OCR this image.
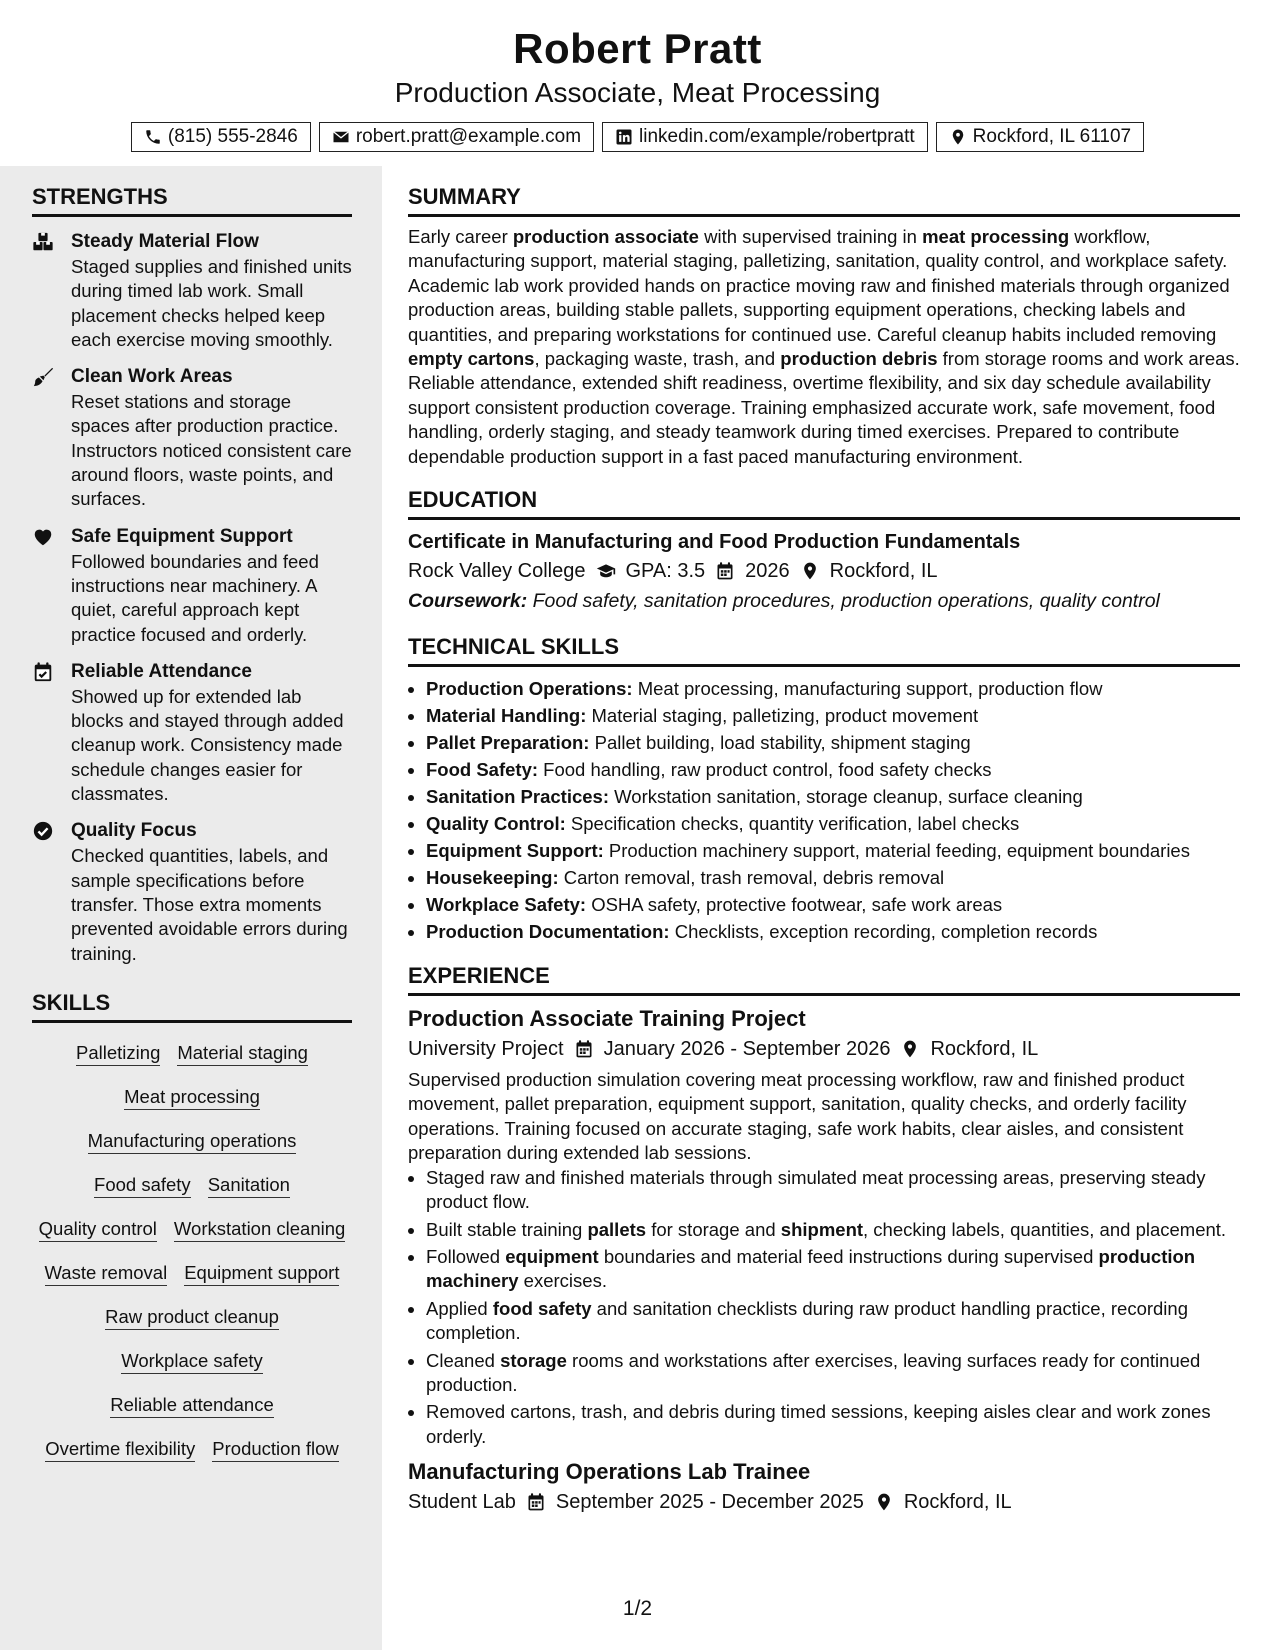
Robert Pratt
Production Associate, Meat Processing
(815) 555-2846	robert.pratt@example.com	linkedin.com/example/robertpratt	Rockford, IL 61107
STRENGTHS
Steady Material Flow
Staged supplies and finished units during timed lab work. Small placement checks helped keep each exercise moving smoothly.
Clean Work Areas
Reset stations and storage spaces after production practice. Instructors noticed consistent care around floors, waste points, and surfaces.
Safe Equipment Support
Followed boundaries and feed instructions near machinery. A quiet, careful approach kept practice focused and orderly.
Reliable Attendance
Showed up for extended lab blocks and stayed through added cleanup work. Consistency made schedule changes easier for classmates.
Quality Focus
Checked quantities, labels, and sample specifications before transfer. Those extra moments prevented avoidable errors during training.
SKILLS
Palletizing Material staging
Meat processing
Manufacturing operations
Food safety Sanitation
Quality control Workstation cleaning
Waste removal Equipment support
Raw product cleanup
Workplace safety
Reliable attendance
Overtime flexibility Production flow
SUMMARY

Early career production associate with supervised training in meat processing workflow, manufacturing support, material staging, palletizing, sanitation, quality control, and workplace safety. Academic lab work provided hands on practice moving raw and finished materials through organized production areas, building stable pallets, supporting equipment operations, checking labels and quantities, and preparing workstations for continued use. Careful cleanup habits included removing empty cartons, packaging waste, trash, and production debris from storage rooms and work areas. Reliable attendance, extended shift readiness, overtime flexibility, and six day schedule availability support consistent production coverage. Training emphasized accurate work, safe movement, food handling, orderly staging, and steady teamwork during timed exercises. Prepared to contribute dependable production support in a fast paced manufacturing environment.

EDUCATION
Certificate in Manufacturing and Food Production Fundamentals
Rock Valley College GPA: 3.5 2026 Rockford, IL
Coursework: Food safety, sanitation procedures, production operations, quality control
TECHNICAL SKILLS
• Production Operations: Meat processing, manufacturing support, production flow
• Material Handling: Material staging, palletizing, product movement
• Pallet Preparation: Pallet building, load stability, shipment staging
• Food Safety: Food handling, raw product control, food safety checks
• Sanitation Practices: Workstation sanitation, storage cleanup, surface cleaning
• Quality Control: Specification checks, quantity verification, label checks
• Equipment Support: Production machinery support, material feeding, equipment boundaries
• Housekeeping: Carton removal, trash removal, debris removal
• Workplace Safety: OSHA safety, protective footwear, safe work areas
• Production Documentation: Checklists, exception recording, completion records
EXPERIENCE
Production Associate Training Project
University Project January 2026 - September 2026 Rockford, IL

Supervised production simulation covering meat processing workflow, raw and finished product movement, pallet preparation, equipment support, sanitation, quality checks, and orderly facility operations. Training focused on accurate staging, safe work habits, clear aisles, and consistent preparation during extended lab sessions.

• Staged raw and finished materials through simulated meat processing areas, preserving steady product flow.
• Built stable training pallets for storage and shipment, checking labels, quantities, and placement.
• Followed equipment boundaries and material feed instructions during supervised production machinery exercises.
• Applied food safety and sanitation checklists during raw product handling practice, recording completion.
• Cleaned storage rooms and workstations after exercises, leaving surfaces ready for continued production.
• Removed cartons, trash, and debris during timed sessions, keeping aisles clear and work zones orderly.
Manufacturing Operations Lab Trainee
Student Lab September 2025 - December 2025 Rockford, IL
1/2
